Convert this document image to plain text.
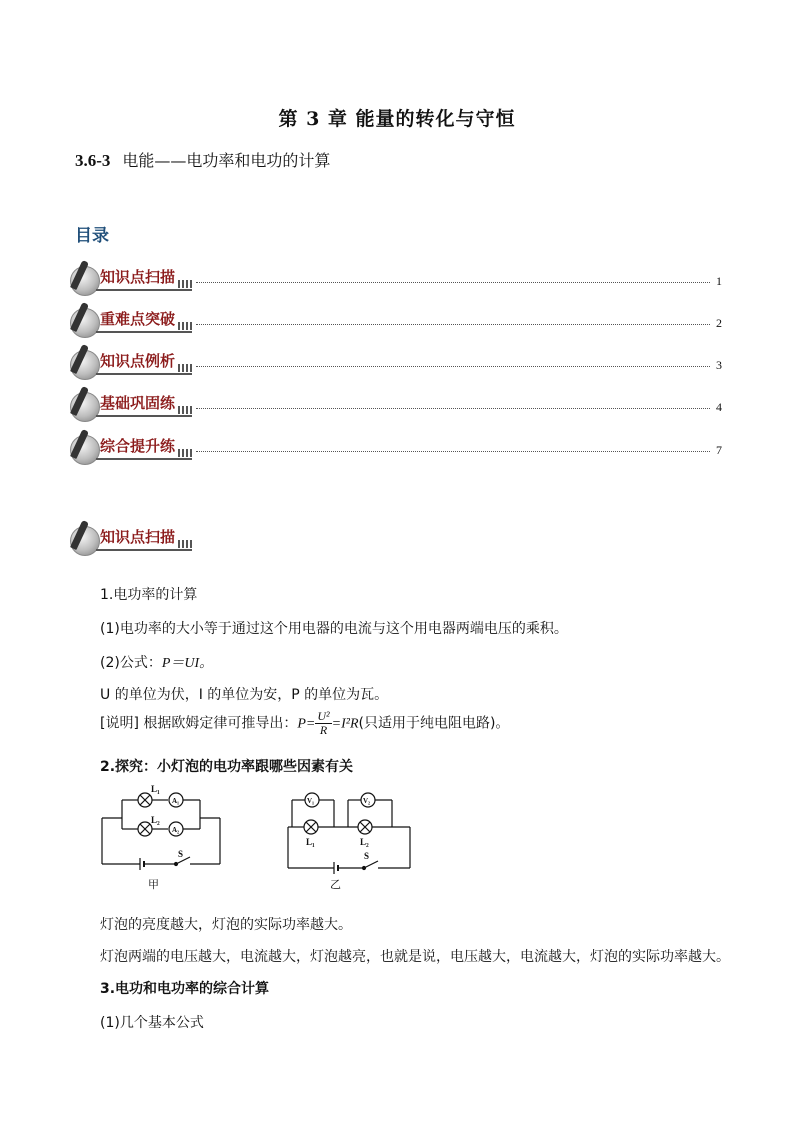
第 3 章 能量的转化与守恒
3.6-3 电能——电功率和电功的计算
目录
知识点扫描	1
重难点突破	2
知识点例析	3
基础巩固练	4
综合提升练	7
知识点扫描
1.电功率的计算
(1)电功率的大小等于通过这个用电器的电流与这个用电器两端电压的乘积。
(2)公式：P＝UI。
U 的单位为伏，I 的单位为安，P 的单位为瓦。
[说明] 根据欧姆定律可推导出：$P= \frac{\text{U²}}{R} =I^2R$(只适用于纯电阻电路)。
2.探究：小灯泡的电功率跟哪些因素有关
L₁
A₁
L₂
A₂
S
V₁	V₂
L₁	L₂
S
甲	乙
灯泡的亮度越大，灯泡的实际功率越大。
灯泡两端的电压越大，电流越大，灯泡越亮，也就是说，电压越大，电流越大，灯泡的实际功率越大。
3.电功和电功率的综合计算
(1)几个基本公式
